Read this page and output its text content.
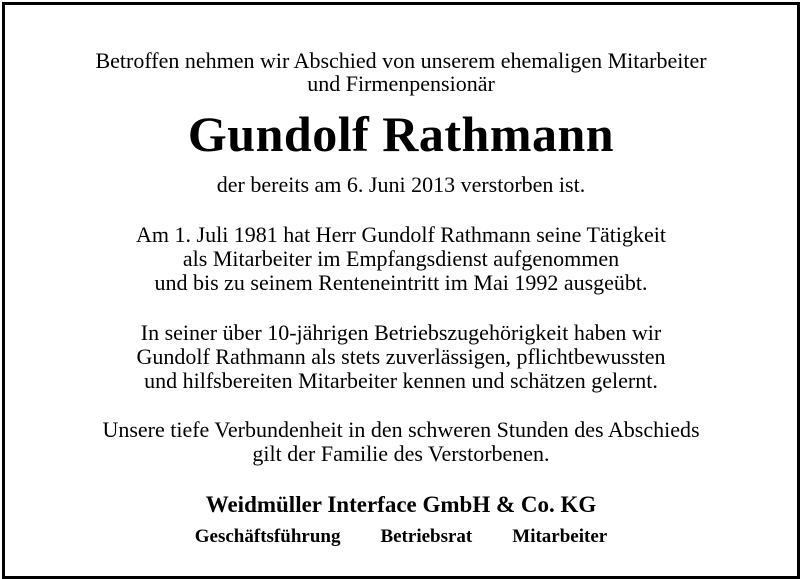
Betroffen nehmen wir Abschied von unserem ehemaligen Mitarbeiter
und Firmenpensionär
Gundolf Rathmann
der bereits am 6. Juni 2013 verstorben ist.
Am 1. Juli 1981 hat Herr Gundolf Rathmann seine Tätigkeit
als Mitarbeiter im Empfangsdienst aufgenommen
und bis zu seinem Renteneintritt im Mai 1992 ausgeübt.
In seiner über 10-jährigen Betriebszugehörigkeit haben wir
Gundolf Rathmann als stets zuverlässigen, pflichtbewussten
und hilfsbereiten Mitarbeiter kennen und schätzen gelernt.
Unsere tiefe Verbundenheit in den schweren Stunden des Abschieds
gilt der Familie des Verstorbenen.
Weidmüller Interface GmbH & Co. KG
Geschäftsführung Betriebsrat Mitarbeiter
